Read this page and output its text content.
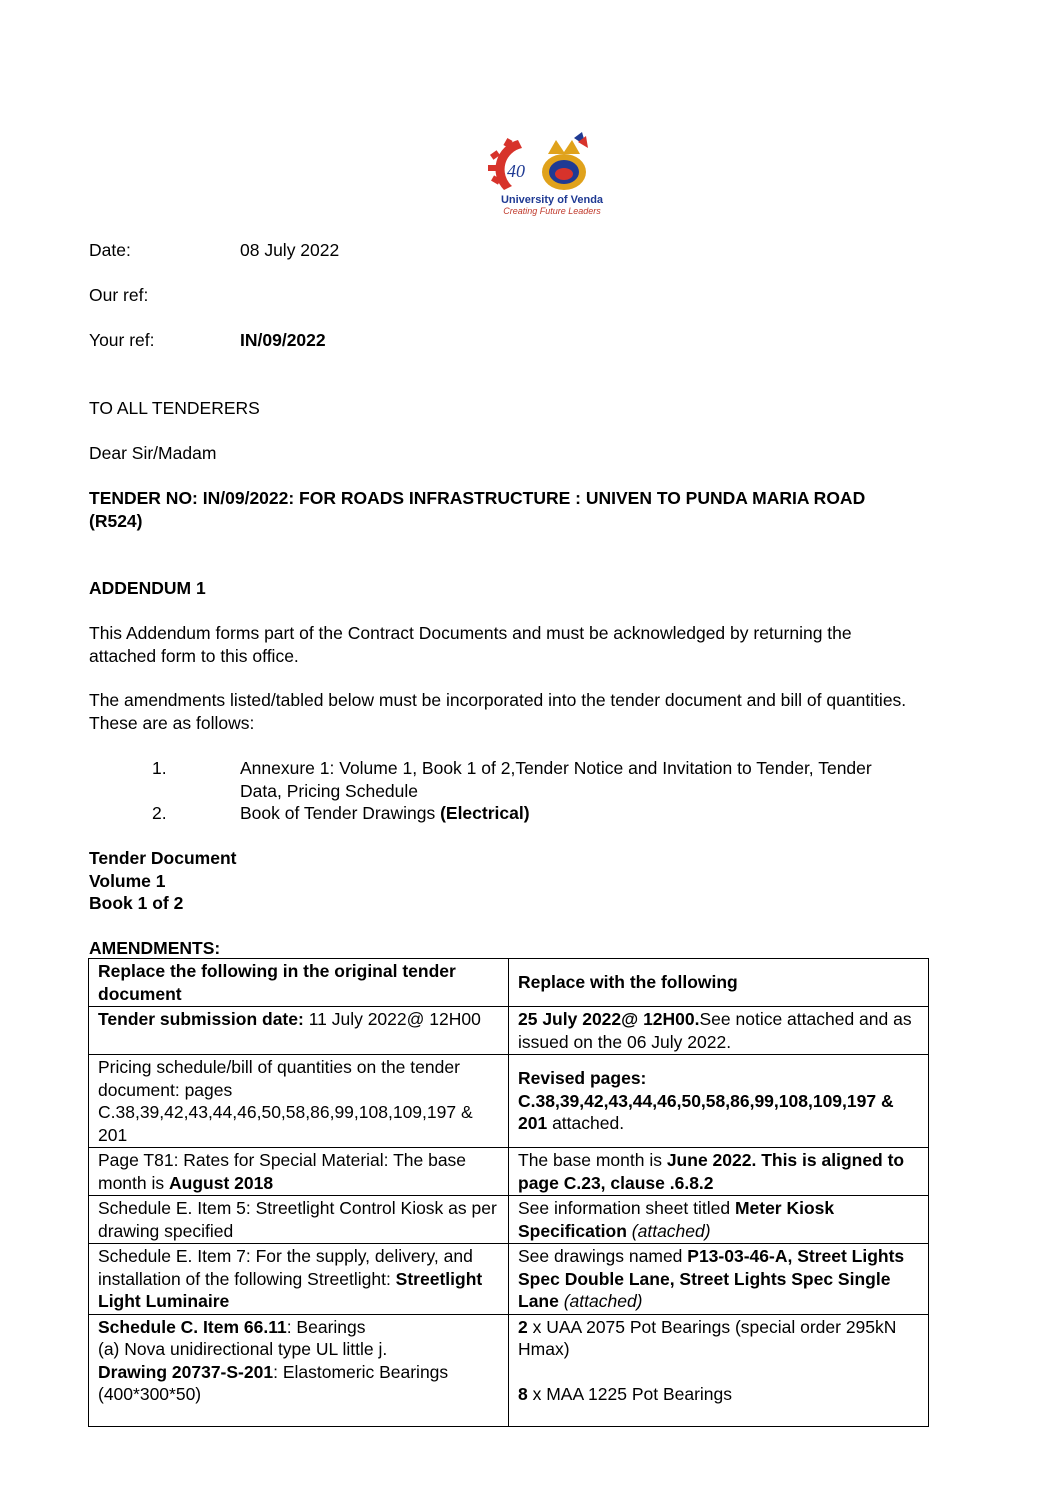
40
University of Venda
Creating Future Leaders
Date:	08 July 2022
Our ref:
Your ref:	IN/09/2022
TO ALL TENDERERS
Dear Sir/Madam
TENDER NO: IN/09/2022: FOR ROADS INFRASTRUCTURE : UNIVEN TO PUNDA MARIA ROAD
(R524)
ADDENDUM 1
This Addendum forms part of the Contract Documents and must be acknowledged by returning the
attached form to this office.
The amendments listed/tabled below must be incorporated into the tender document and bill of quantities.
These are as follows:
1.	Annexure 1: Volume 1, Book 1 of 2,Tender Notice and Invitation to Tender, Tender
Data, Pricing Schedule
2.	Book of Tender Drawings (Electrical)
Tender Document
Volume 1
Book 1 of 2
AMENDMENTS:
Replace the following in the original tender document	Replace with the following
Tender submission date: 11 July 2022@ 12H00	25 July 2022@ 12H00.See notice attached and as issued on the 06 July 2022.
Pricing schedule/bill of quantities on the tender document: pages C.38,39,42,43,44,46,50,58,86,99,108,109,197 & 201	Revised pages:
C.38,39,42,43,44,46,50,58,86,99,108,109,197 & 201 attached.
Page T81: Rates for Special Material: The base month is August 2018	The base month is June 2022. This is aligned to page C.23, clause .6.8.2
Schedule E. Item 5: Streetlight Control Kiosk as per drawing specified	See information sheet titled Meter Kiosk Specification (attached)
Schedule E. Item 7: For the supply, delivery, and installation of the following Streetlight: Streetlight Light Luminaire	See drawings named P13-03-46-A, Street Lights Spec Double Lane, Street Lights Spec Single Lane (attached)
Schedule C. Item 66.11: Bearings
(a) Nova unidirectional type UL little j.
Drawing 20737-S-201: Elastomeric Bearings (400*300*50)	2 x UAA 2075 Pot Bearings (special order 295kN Hmax)

8 x MAA 1225 Pot Bearings
